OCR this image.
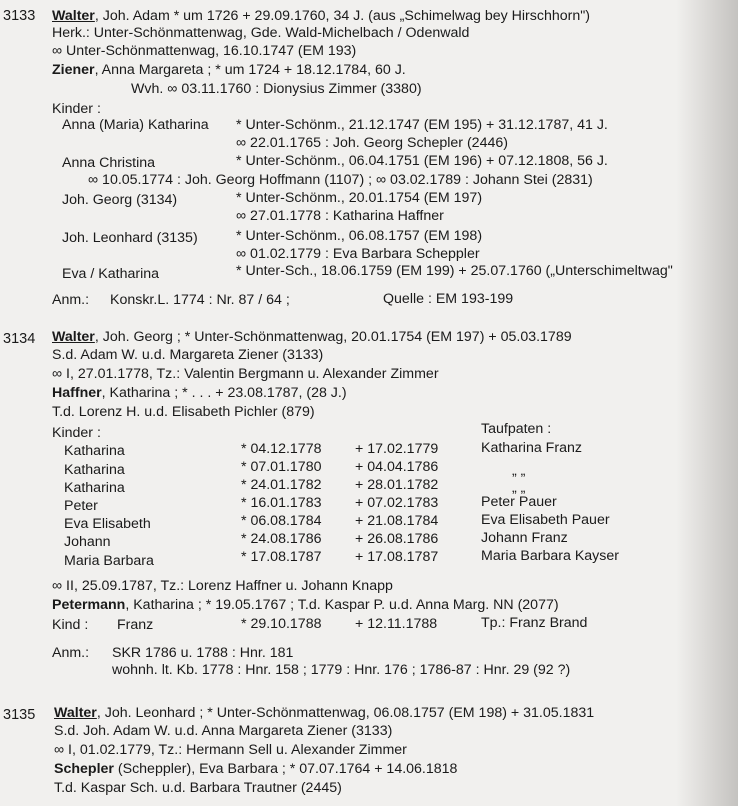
3133 Walter, Joh. Adam * um 1726 + 29.09.1760, 34 J. (aus „Schimelwag bey Hirschhorn")
Herk.: Unter-Schönmattenwag, Gde. Wald-Michelbach / Odenwald
∞ Unter-Schönmattenwag, 16.10.1747 (EM 193)
Ziener, Anna Margareta ; * um 1724 + 18.12.1784, 60 J.
Wvh. ∞ 03.11.1760 : Dionysius Zimmer (3380)
Kinder :
Anna (Maria) Katharina * Unter-Schönm., 21.12.1747 (EM 195) + 31.12.1787, 41 J.
∞ 22.01.1765 : Joh. Georg Schepler (2446)
Anna Christina	* Unter-Schönm., 06.04.1751 (EM 196) + 07.12.1808, 56 J.
∞ 10.05.1774 : Joh. Georg Hoffmann (1107) ; ∞ 03.02.1789 : Johann Stei (2831)
Joh. Georg (3134)	* Unter-Schönm., 20.01.1754 (EM 197)
∞ 27.01.1778 : Katharina Haffner
Joh. Leonhard (3135)	* Unter-Schönm., 06.08.1757 (EM 198)
∞ 01.02.1779 : Eva Barbara Scheppler
Eva / Katharina	* Unter-Sch., 18.06.1759 (EM 199) + 25.07.1760 („Unterschimeltwag"
Anm.: Konskr.L. 1774 : Nr. 87 / 64 ;	Quelle : EM 193-199
3134 Walter, Joh. Georg ; * Unter-Schönmattenwag, 20.01.1754 (EM 197) + 05.03.1789
S.d. Adam W. u.d. Margareta Ziener (3133)
∞ I, 27.01.1778, Tz.: Valentin Bergmann u. Alexander Zimmer
Haffner, Katharina ; * . . . + 23.08.1787, (28 J.)
T.d. Lorenz H. u.d. Elisabeth Pichler (879)
Kinder :	Taufpaten :
Katharina	* 04.12.1778 + 17.02.1779	Katharina Franz
Katharina	* 07.01.1780 + 04.04.1786	„ „
Katharina	* 24.01.1782 + 28.01.1782	„ „
Peter	* 16.01.1783 + 07.02.1783	Peter Pauer
Eva Elisabeth	* 06.08.1784 + 21.08.1784	Eva Elisabeth Pauer
Johann	* 24.08.1786 + 26.08.1786	Johann Franz
Maria Barbara	* 17.08.1787 + 17.08.1787	Maria Barbara Kayser
∞ II, 25.09.1787, Tz.: Lorenz Haffner u. Johann Knapp
Petermann, Katharina ; * 19.05.1767 ; T.d. Kaspar P. u.d. Anna Marg. NN (2077)
Kind : Franz	* 29.10.1788 + 12.11.1788	Tp.: Franz Brand
Anm.: SKR 1786 u. 1788 : Hnr. 181
wohnh. lt. Kb. 1778 : Hnr. 158 ; 1779 : Hnr. 176 ; 1786-87 : Hnr. 29 (92 ?)
3135 Walter, Joh. Leonhard ; * Unter-Schönmattenwag, 06.08.1757 (EM 198) + 31.05.1831
S.d. Joh. Adam W. u.d. Anna Margareta Ziener (3133)
∞ I, 01.02.1779, Tz.: Hermann Sell u. Alexander Zimmer
Schepler (Scheppler), Eva Barbara ; * 07.07.1764 + 14.06.1818
T.d. Kaspar Sch. u.d. Barbara Trautner (2445)
